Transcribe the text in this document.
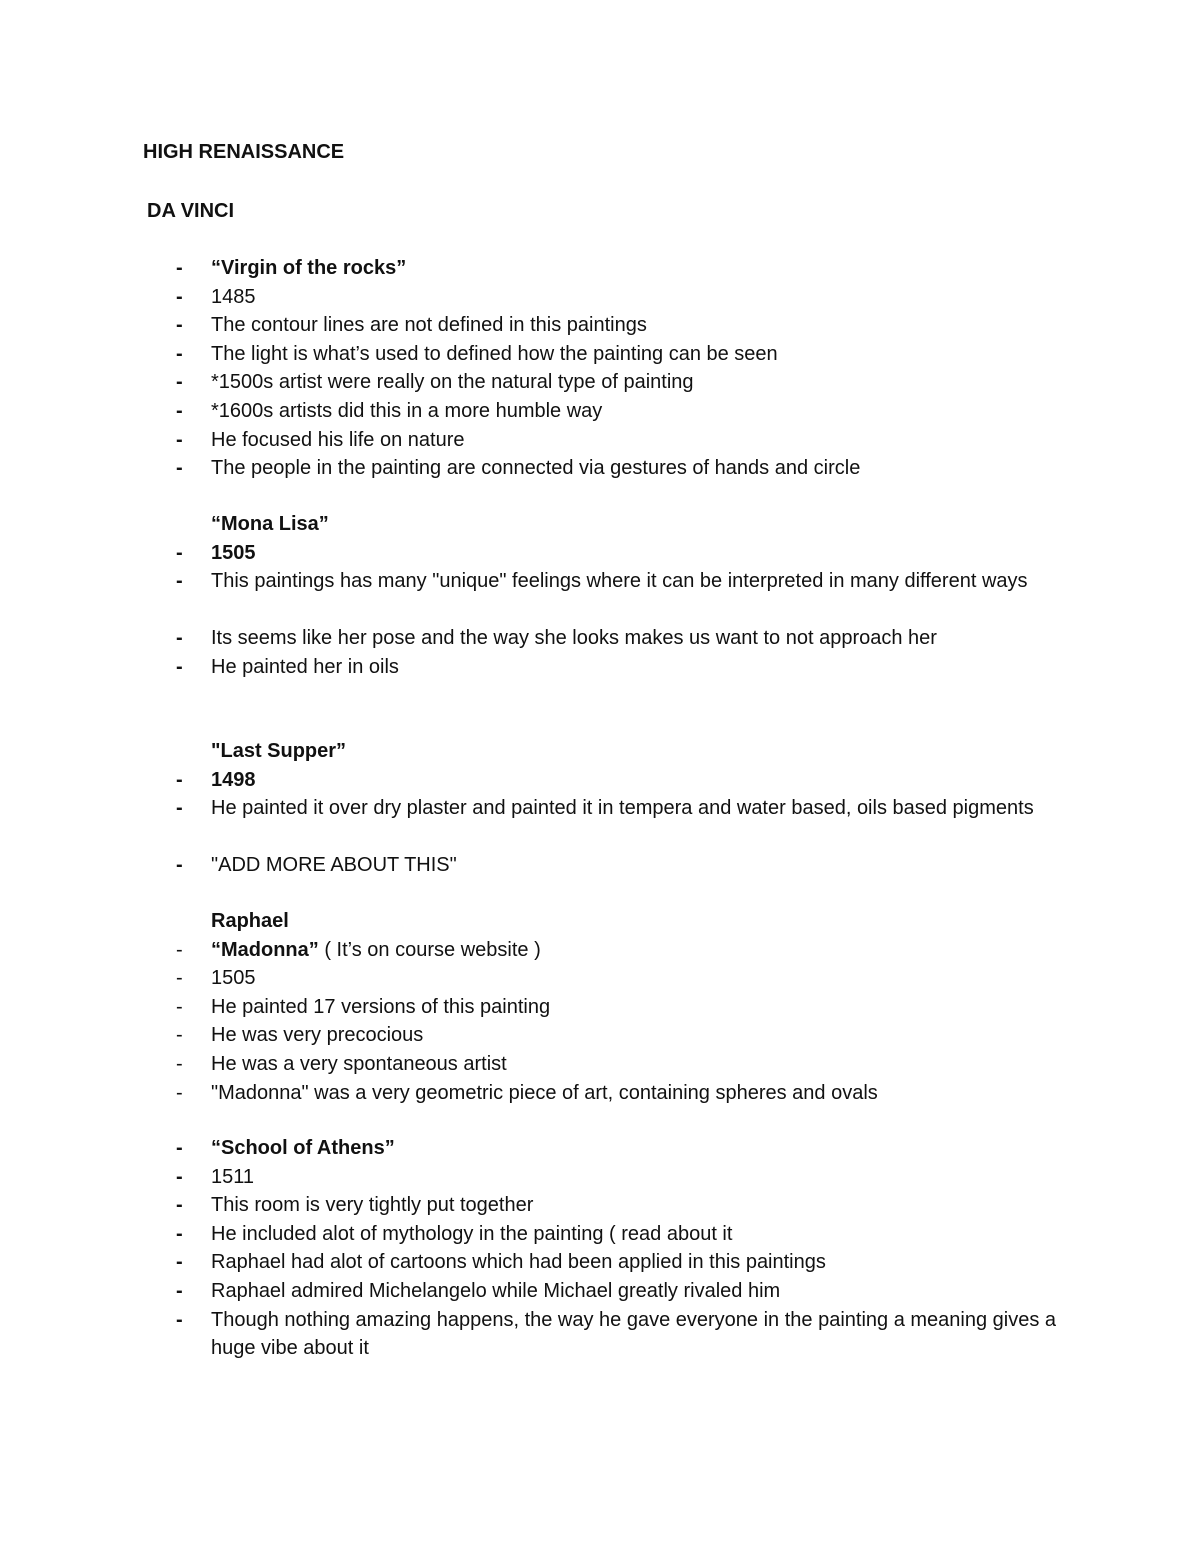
HIGH RENAISSANCE

DA VINCI

-	“Virgin of the rocks”
-	1485
-	The contour lines are not defined in this paintings
-	The light is what’s used to defined how the painting can be seen
-	*1500s artist were really on the natural type of painting
-	*1600s artists did this in a more humble way
-	He focused his life on nature
-	The people in the painting are connected via gestures of hands and circle
“Mona Lisa”
-	1505
-	This paintings has many "unique" feelings where it can be interpreted in many different ways
-	Its seems like her pose and the way she looks makes us want to not approach her
-	He painted her in oils
"Last Supper”
-	1498
-	He painted it over dry plaster and painted it in tempera and water based, oils based pigments
-	"ADD MORE ABOUT THIS"
Raphael
-	“Madonna” ( It’s on course website )
-	1505
-	He painted 17 versions of this painting
-	He was very precocious
-	He was a very spontaneous artist
-	"Madonna" was a very geometric piece of art, containing spheres and ovals
-	“School of Athens”
-	1511
-	This room is very tightly put together
-	He included alot of mythology in the painting ( read about it
-	Raphael had alot of cartoons which had been applied in this paintings
-	Raphael admired Michelangelo while Michael greatly rivaled him
-	Though nothing amazing happens, the way he gave everyone in the painting a meaning gives a huge vibe about it
